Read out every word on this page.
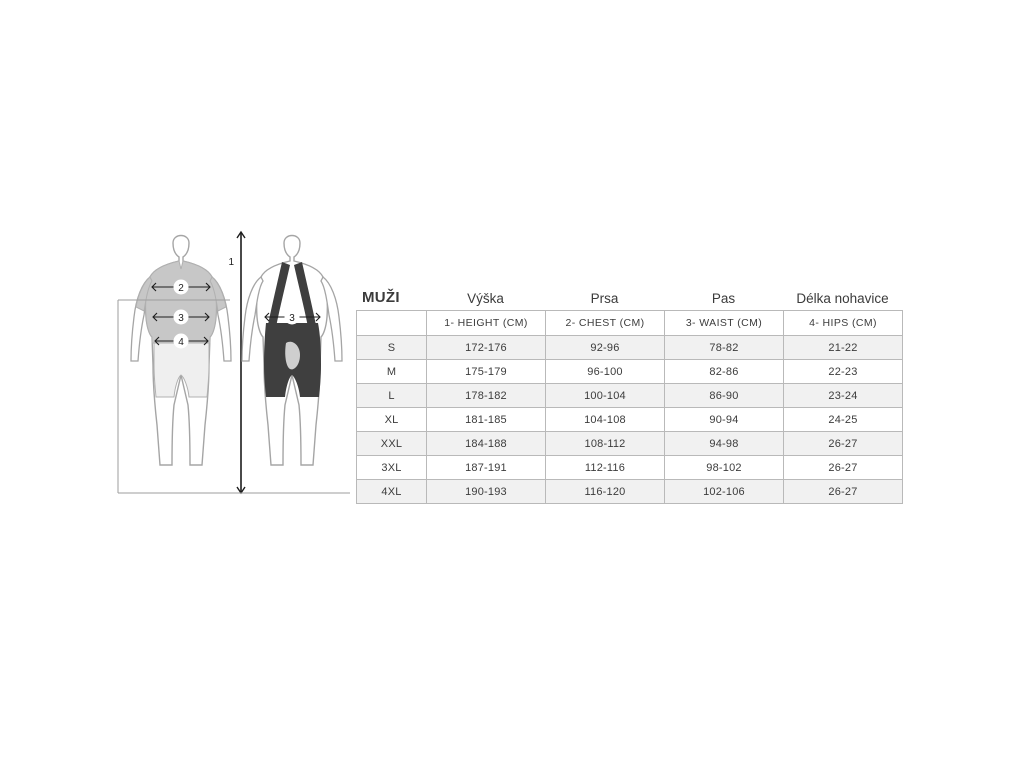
2
3
4
1
3
MUŽI	Výška	Prsa	Pas	Délka nohavice
	1- HEIGHT (CM)	2- CHEST (CM)	3- WAIST (CM)	4- HIPS (CM)
S	172-176	92-96	78-82	21-22
M	175-179	96-100	82-86	22-23
L	178-182	100-104	86-90	23-24
XL	181-185	104-108	90-94	24-25
XXL	184-188	108-112	94-98	26-27
3XL	187-191	112-116	98-102	26-27
4XL	190-193	116-120	102-106	26-27
